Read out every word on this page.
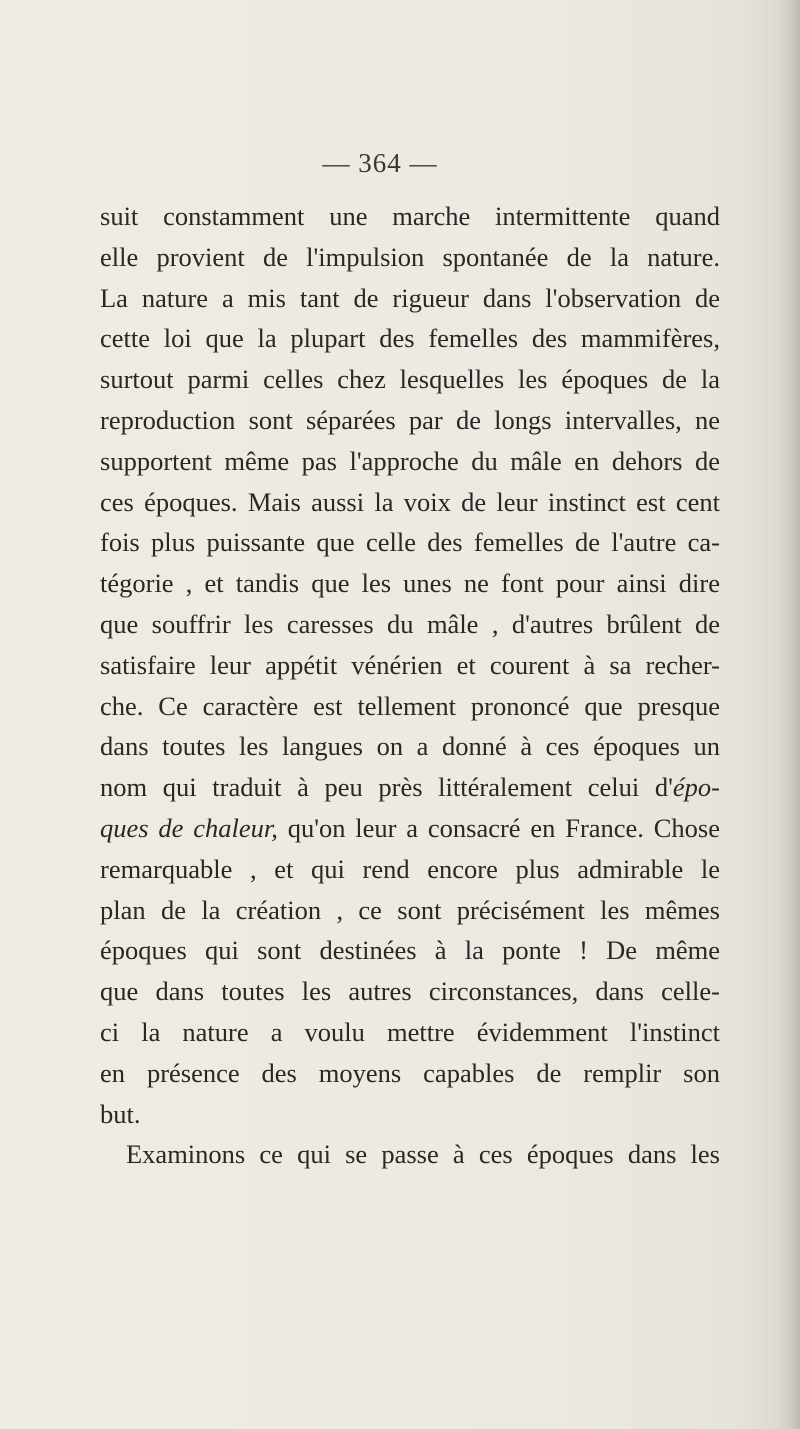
— 364 —
suit constamment une marche intermittente quand
elle provient de l'impulsion spontanée de la nature.
La nature a mis tant de rigueur dans l'observation de
cette loi que la plupart des femelles des mammifères,
surtout parmi celles chez lesquelles les époques de la
reproduction sont séparées par de longs intervalles, ne
supportent même pas l'approche du mâle en dehors de
ces époques. Mais aussi la voix de leur instinct est cent
fois plus puissante que celle des femelles de l'autre ca-
tégorie , et tandis que les unes ne font pour ainsi dire
que souffrir les caresses du mâle , d'autres brûlent de
satisfaire leur appétit vénérien et courent à sa recher-
che. Ce caractère est tellement prononcé que presque
dans toutes les langues on a donné à ces époques un
nom qui traduit à peu près littéralement celui d'épo-
ques de chaleur, qu'on leur a consacré en France. Chose
remarquable , et qui rend encore plus admirable le
plan de la création , ce sont précisément les mêmes
époques qui sont destinées à la ponte ! De même
que dans toutes les autres circonstances, dans celle-
ci la nature a voulu mettre évidemment l'instinct
en présence des moyens capables de remplir son
but.
Examinons ce qui se passe à ces époques dans les
